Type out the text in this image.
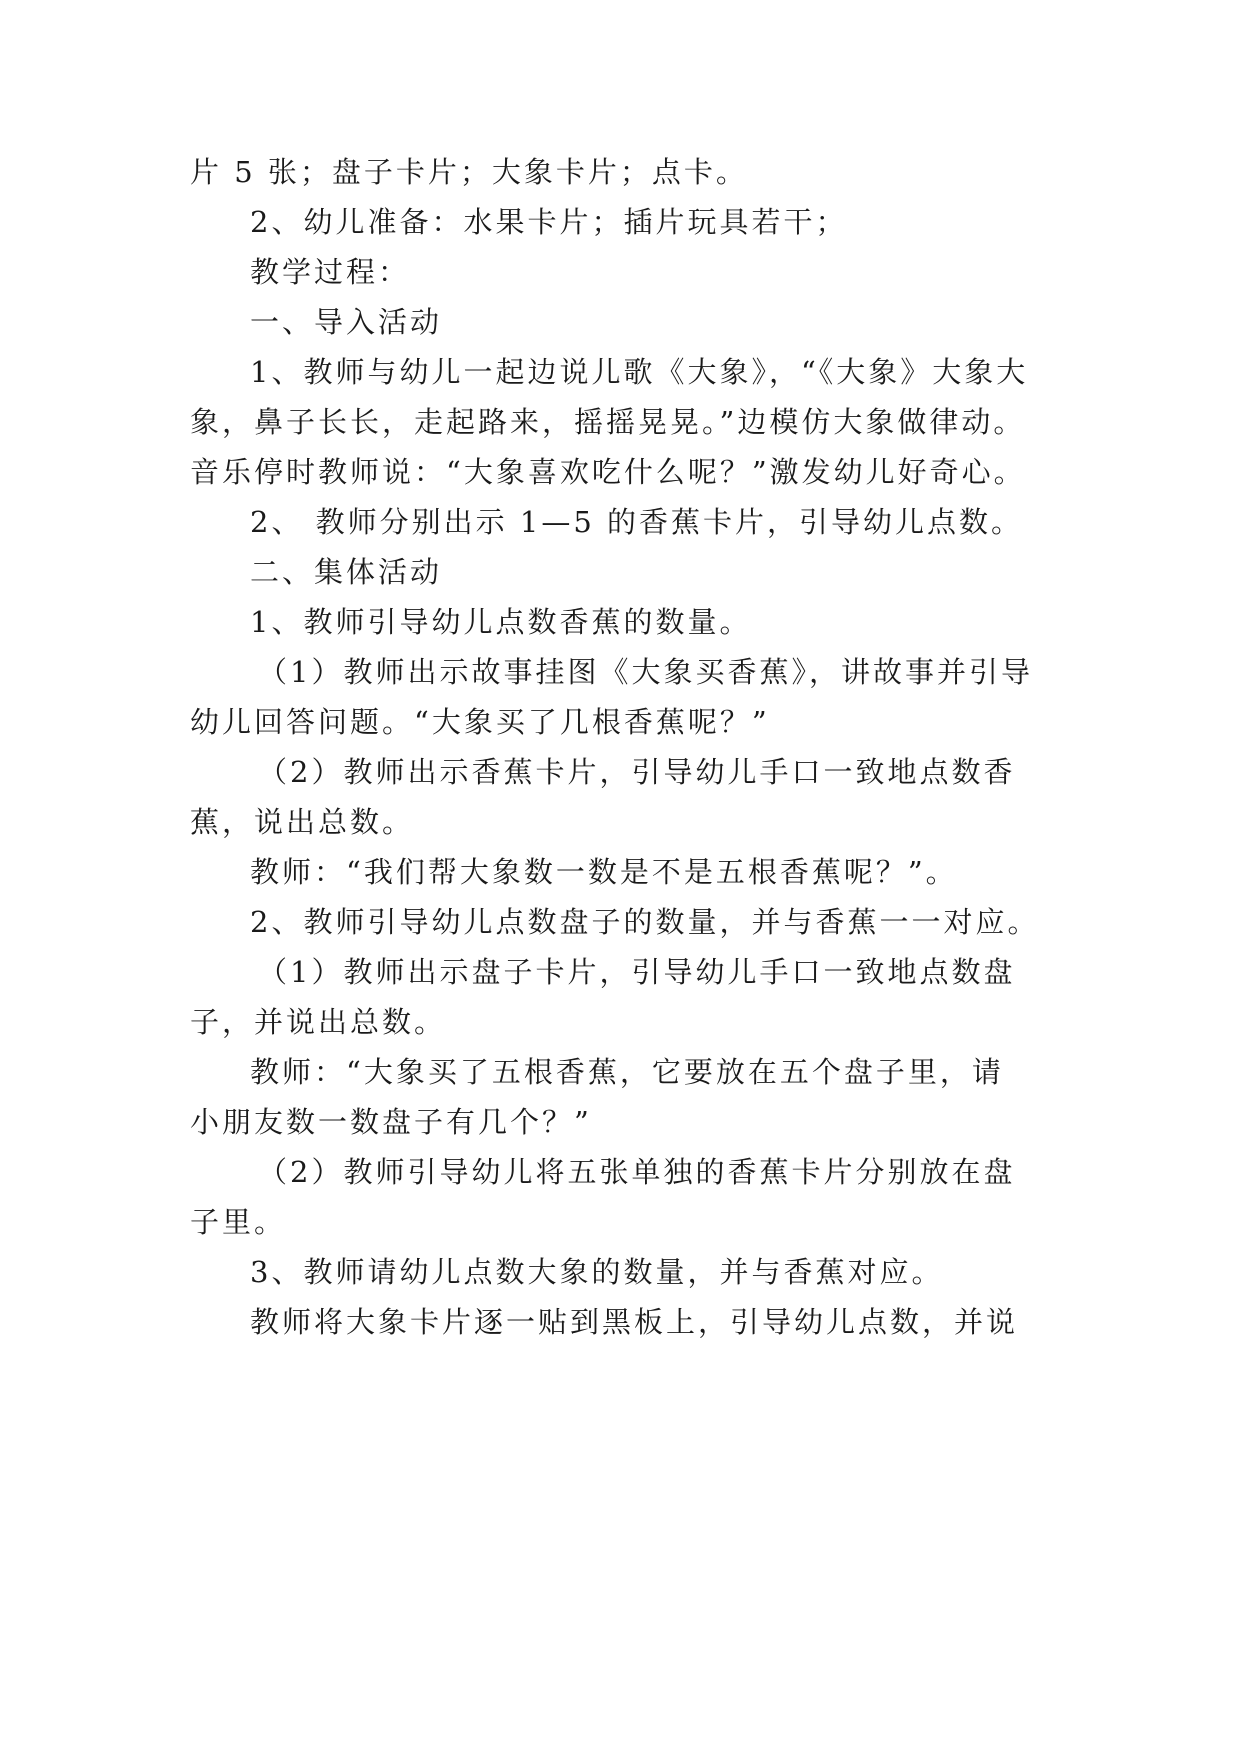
片 5 张；盘子卡片；大象卡片；点卡。
2、幼儿准备：水果卡片；插片玩具若干；
教学过程：
一、导入活动
1、教师与幼儿一起边说儿歌《大象》，“《大象》大象大
象，鼻子长长，走起路来，摇摇晃晃。”边模仿大象做律动。
音乐停时教师说：“大象喜欢吃什么呢？”激发幼儿好奇心。
2、 教师分别出示 1—5 的香蕉卡片，引导幼儿点数。
二、集体活动
1、教师引导幼儿点数香蕉的数量。
（1）教师出示故事挂图《大象买香蕉》，讲故事并引导
幼儿回答问题。“大象买了几根香蕉呢？”
（2）教师出示香蕉卡片，引导幼儿手口一致地点数香
蕉，说出总数。
教师：“我们帮大象数一数是不是五根香蕉呢？”。
2、教师引导幼儿点数盘子的数量，并与香蕉一一对应。
（1）教师出示盘子卡片，引导幼儿手口一致地点数盘
子，并说出总数。
教师：“大象买了五根香蕉，它要放在五个盘子里，请
小朋友数一数盘子有几个？”
（2）教师引导幼儿将五张单独的香蕉卡片分别放在盘
子里。
3、教师请幼儿点数大象的数量，并与香蕉对应。
教师将大象卡片逐一贴到黑板上，引导幼儿点数，并说
